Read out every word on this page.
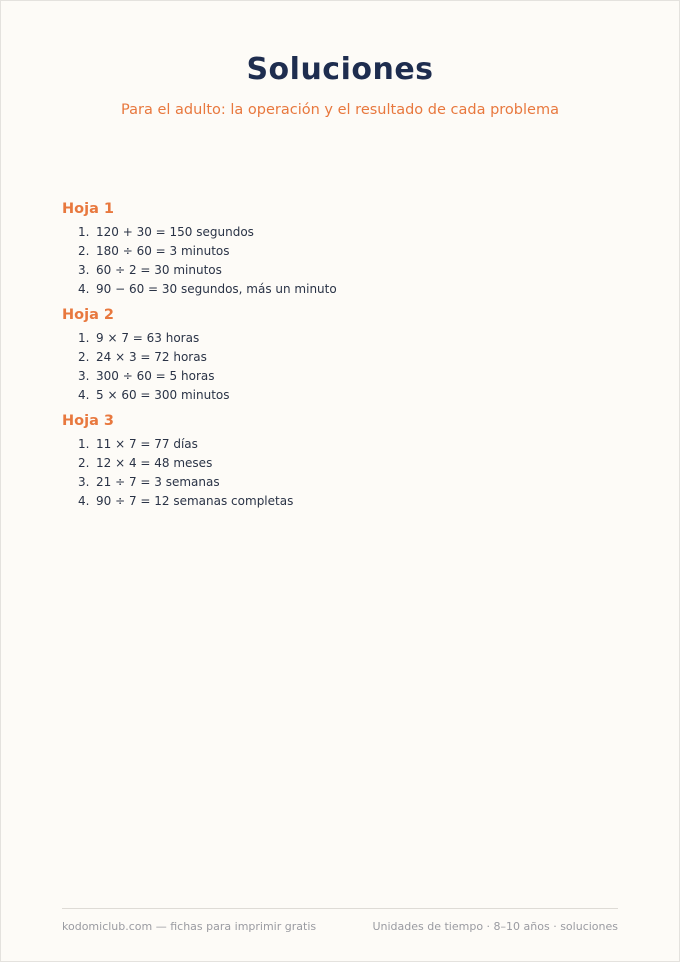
Soluciones

Para el adulto: la operación y el resultado de cada problema

Hoja 1
1. 120 + 30 = 150 segundos
2. 180 ÷ 60 = 3 minutos
3. 60 ÷ 2 = 30 minutos
4. 90 − 60 = 30 segundos, más un minuto
Hoja 2
1. 9 × 7 = 63 horas
2. 24 × 3 = 72 horas
3. 300 ÷ 60 = 5 horas
4. 5 × 60 = 300 minutos
Hoja 3
1. 11 × 7 = 77 días
2. 12 × 4 = 48 meses
3. 21 ÷ 7 = 3 semanas
4. 90 ÷ 7 = 12 semanas completas
kodomiclub.com — fichas para imprimir gratis	Unidades de tiempo · 8–10 años · soluciones
